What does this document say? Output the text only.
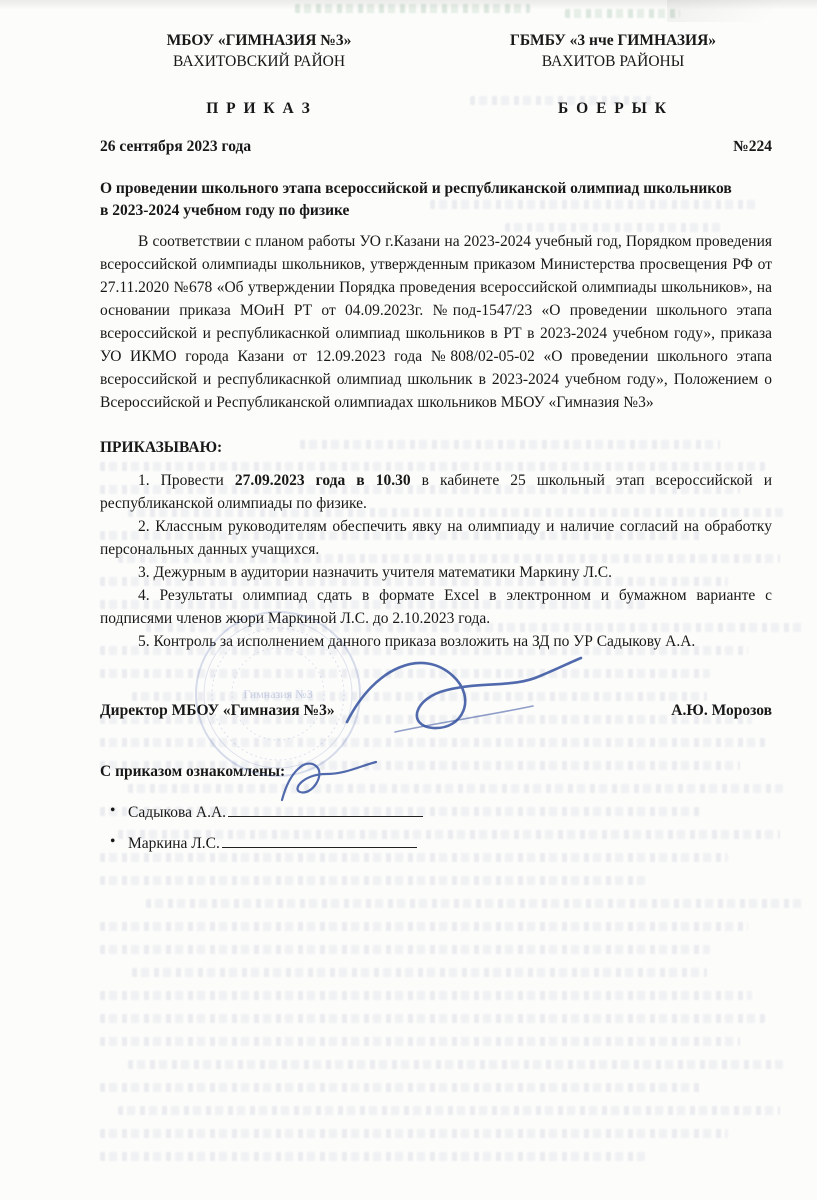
МБОУ «ГИМНАЗИЯ №3»
ВАХИТОВСКИЙ РАЙОН
П Р И К А З
ГБМБУ «3 нче ГИМНАЗИЯ»
ВАХИТОВ РАЙОНЫ
Б О Е Р Ы К
26 сентября 2023 года	№224

О проведении школьного этапа всероссийской и республиканской олимпиад школьников в 2023-2024 учебном году по физике

В соответствии с планом работы УО г.Казани на 2023-2024 учебный год, Порядком проведения всероссийской олимпиады школьников, утвержденным приказом Министерства просвещения РФ от 27.11.2020 №678 «Об утверждении Порядка проведения всероссийской олимпиады школьников», на основании приказа МОиН РТ от 04.09.2023г. №под-1547/23 «О проведении школьного этапа всероссийской и республикаснкой олимпиад школьников в РТ в 2023-2024 учебном году», приказа УО ИКМО города Казани от 12.09.2023 года №808/02-05-02 «О проведении школьного этапа всероссийской и республикаснкой олимпиад школьник в 2023-2024 учебном году», Положением о Всероссийской и Республиканской олимпиадах школьников МБОУ «Гимназия №3»

ПРИКАЗЫВАЮ:

1. Провести 27.09.2023 года в 10.30 в кабинете 25 школьный этап всероссийской и республиканской олимпиады по физике.

2. Классным руководителям обеспечить явку на олимпиаду и наличие согласий на обработку персональных данных учащихся.

3. Дежурным в аудитории назначить учителя математики Маркину Л.С.

4. Результаты олимпиад сдать в формате Excel в электронном и бумажном варианте с подписями членов жюри Маркиной Л.С. до 2.10.2023 года.

5. Контроль за исполнением данного приказа возложить на ЗД по УР Садыкову А.А.

Директор МБОУ «Гимназия №3»	А.Ю. Морозов
С приказом ознакомлены:
• Садыкова А.А.
• Маркина Л.С.
Гимназия №3
